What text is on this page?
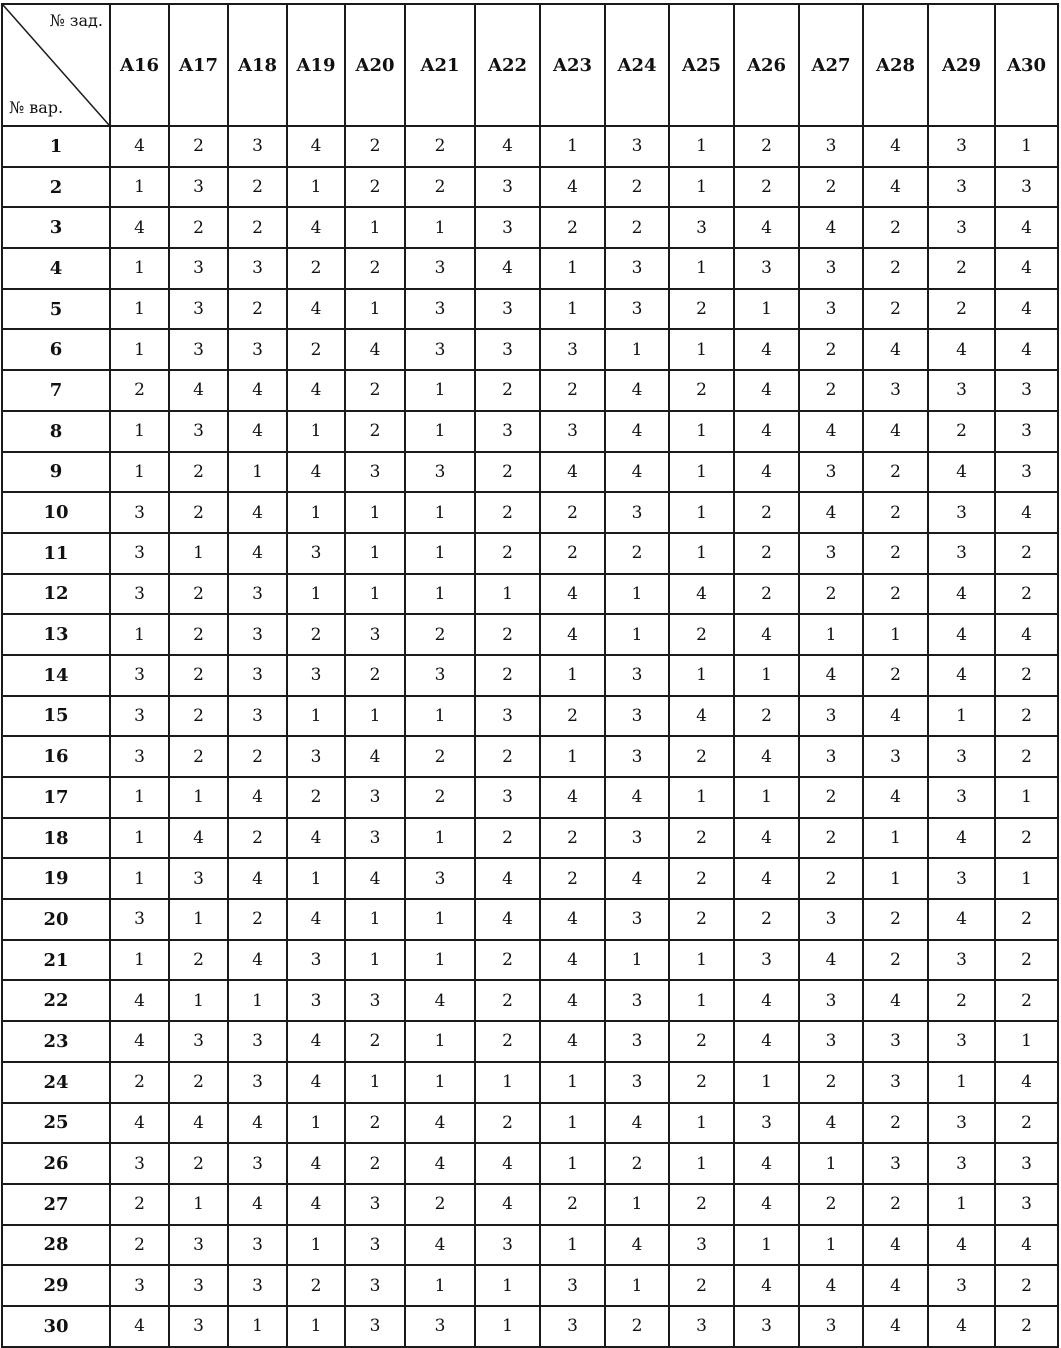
№ зад.
№ вар.	A16	A17	A18	A19	A20	A21	A22	A23	A24	A25	A26	A27	A28	A29	A30
1	4	2	3	4	2	2	4	1	3	1	2	3	4	3	1
2	1	3	2	1	2	2	3	4	2	1	2	2	4	3	3
3	4	2	2	4	1	1	3	2	2	3	4	4	2	3	4
4	1	3	3	2	2	3	4	1	3	1	3	3	2	2	4
5	1	3	2	4	1	3	3	1	3	2	1	3	2	2	4
6	1	3	3	2	4	3	3	3	1	1	4	2	4	4	4
7	2	4	4	4	2	1	2	2	4	2	4	2	3	3	3
8	1	3	4	1	2	1	3	3	4	1	4	4	4	2	3
9	1	2	1	4	3	3	2	4	4	1	4	3	2	4	3
10	3	2	4	1	1	1	2	2	3	1	2	4	2	3	4
11	3	1	4	3	1	1	2	2	2	1	2	3	2	3	2
12	3	2	3	1	1	1	1	4	1	4	2	2	2	4	2
13	1	2	3	2	3	2	2	4	1	2	4	1	1	4	4
14	3	2	3	3	2	3	2	1	3	1	1	4	2	4	2
15	3	2	3	1	1	1	3	2	3	4	2	3	4	1	2
16	3	2	2	3	4	2	2	1	3	2	4	3	3	3	2
17	1	1	4	2	3	2	3	4	4	1	1	2	4	3	1
18	1	4	2	4	3	1	2	2	3	2	4	2	1	4	2
19	1	3	4	1	4	3	4	2	4	2	4	2	1	3	1
20	3	1	2	4	1	1	4	4	3	2	2	3	2	4	2
21	1	2	4	3	1	1	2	4	1	1	3	4	2	3	2
22	4	1	1	3	3	4	2	4	3	1	4	3	4	2	2
23	4	3	3	4	2	1	2	4	3	2	4	3	3	3	1
24	2	2	3	4	1	1	1	1	3	2	1	2	3	1	4
25	4	4	4	1	2	4	2	1	4	1	3	4	2	3	2
26	3	2	3	4	2	4	4	1	2	1	4	1	3	3	3
27	2	1	4	4	3	2	4	2	1	2	4	2	2	1	3
28	2	3	3	1	3	4	3	1	4	3	1	1	4	4	4
29	3	3	3	2	3	1	1	3	1	2	4	4	4	3	2
30	4	3	1	1	3	3	1	3	2	3	3	3	4	4	2
